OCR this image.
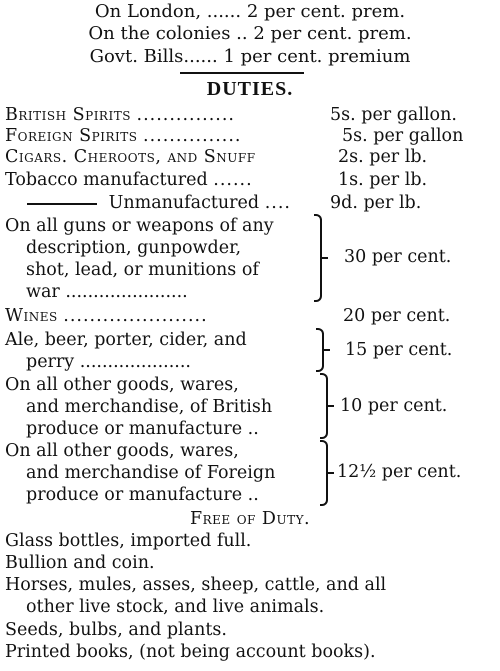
On London, ...... 2 per cent. prem.
On the colonies .. 2 per cent. prem.
Govt. Bills...... 1 per cent. premium
DUTIES.
British Spirits ...............	5s. per gallon.
Foreign Spirits ...............	5s. per gallon
Cigars. Cheroots, and Snuff	2s. per lb.
Tobacco manufactured ......	1s. per lb.
Unmanufactured .... 9d. per lb.
On all guns or weapons of any
description, gunpowder,
shot, lead, or munitions of
war ......................
30 per cent.
Wines ......................	20 per cent.
Ale, beer, porter, cider, and
perry ....................
15 per cent.
On all other goods, wares,
and merchandise, of British
produce or manufacture ..
10 per cent.
On all other goods, wares,
and merchandise of Foreign
produce or manufacture ..
12½ per cent.
Free of Duty.
Glass bottles, imported full.
Bullion and coin.
Horses, mules, asses, sheep, cattle, and all
other live stock, and live animals.
Seeds, bulbs, and plants.
Printed books, (not being account books).
